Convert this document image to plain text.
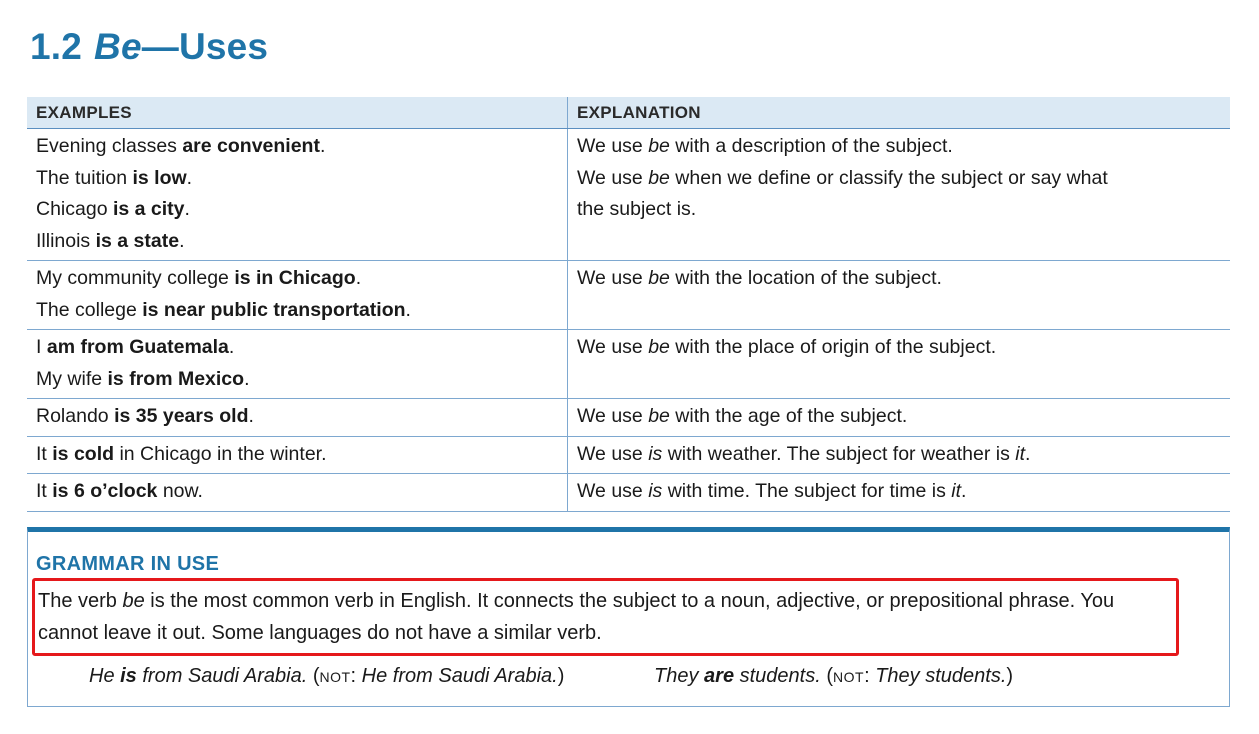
1.2 Be—Uses
EXAMPLES	EXPLANATION

Evening classes are convenient.
The tuition is low.
Chicago is a city.
Illinois is a state.	We use be with a description of the subject.
We use be when we define or classify the subject or say what
the subject is.

My community college is in Chicago.
The college is near public transportation.	We use be with the location of the subject.

I am from Guatemala.
My wife is from Mexico.	We use be with the place of origin of the subject.

Rolando is 35 years old.	We use be with the age of the subject.

It is cold in Chicago in the winter.	We use is with weather. The subject for weather is it.

It is 6 o’clock now.	We use is with time. The subject for time is it.
GRAMMAR IN USE
The verb be is the most common verb in English. It connects the subject to a noun, adjective, or prepositional phrase. You cannot leave it out. Some languages do not have a similar verb.
He is from Saudi Arabia. (NOT: He from Saudi Arabia.)	They are students. (NOT: They students.)
